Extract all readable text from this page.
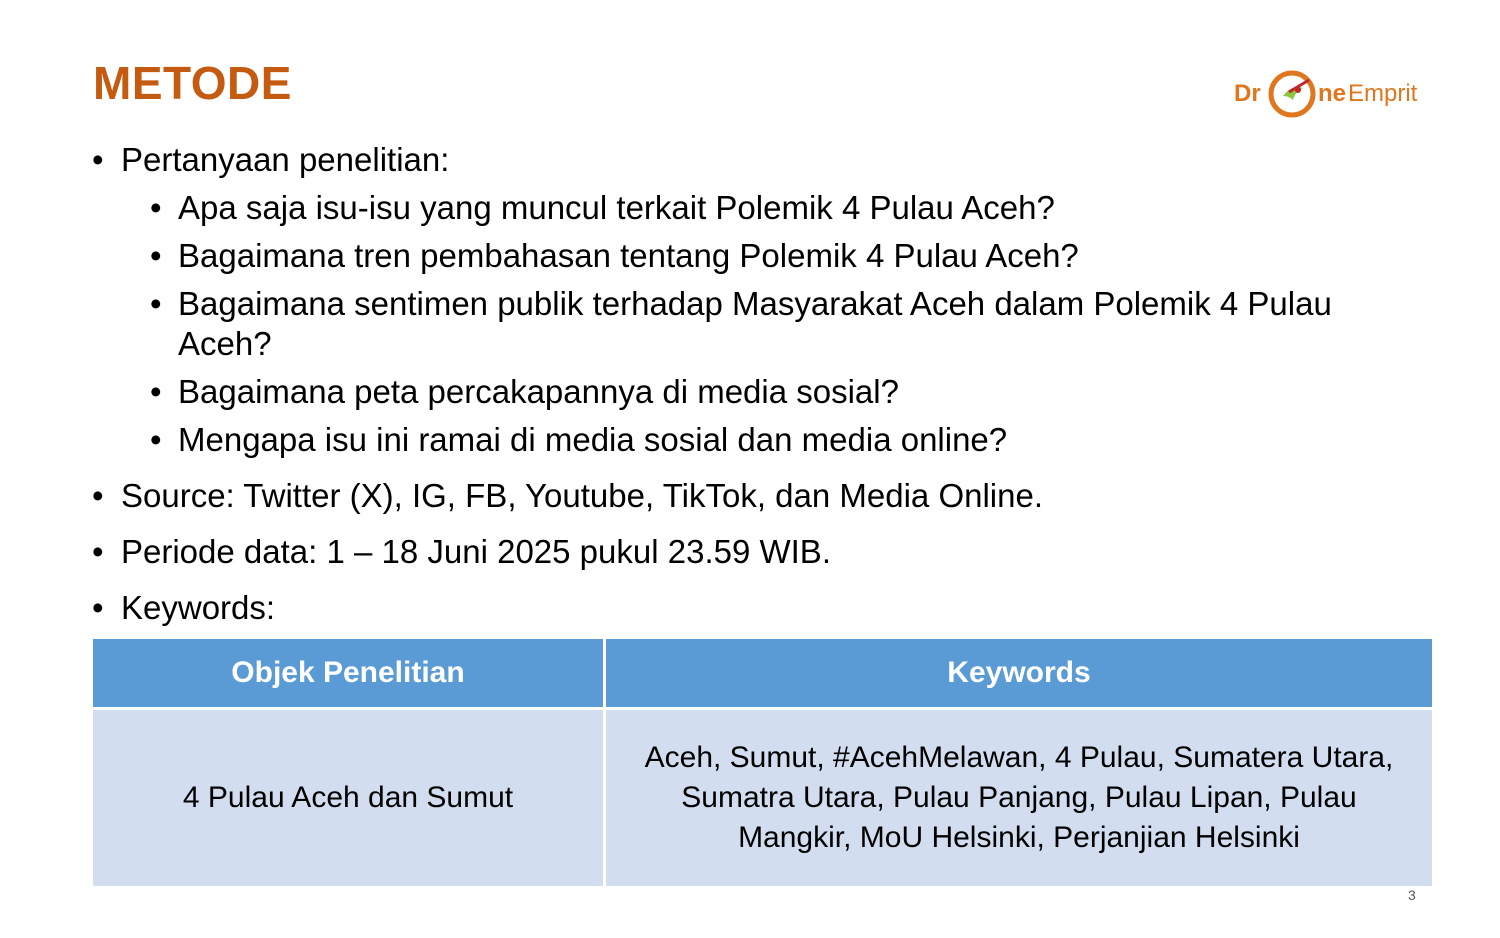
METODE	Dr ne Emprit
• Pertanyaan penelitian:
• Apa saja isu-isu yang muncul terkait Polemik 4 Pulau Aceh?
• Bagaimana tren pembahasan tentang Polemik 4 Pulau Aceh?
• Bagaimana sentimen publik terhadap Masyarakat Aceh dalam Polemik 4 Pulau Aceh?
• Bagaimana peta percakapannya di media sosial?
• Mengapa isu ini ramai di media sosial dan media online?
• Source: Twitter (X), IG, FB, Youtube, TikTok, dan Media Online.
• Periode data: 1 – 18 Juni 2025 pukul 23.59 WIB.
• Keywords:
Objek Penelitian	Keywords
4 Pulau Aceh dan Sumut	Aceh, Sumut, #AcehMelawan, 4 Pulau, Sumatera Utara, Sumatra Utara, Pulau Panjang, Pulau Lipan, Pulau Mangkir, MoU Helsinki, Perjanjian Helsinki
3
